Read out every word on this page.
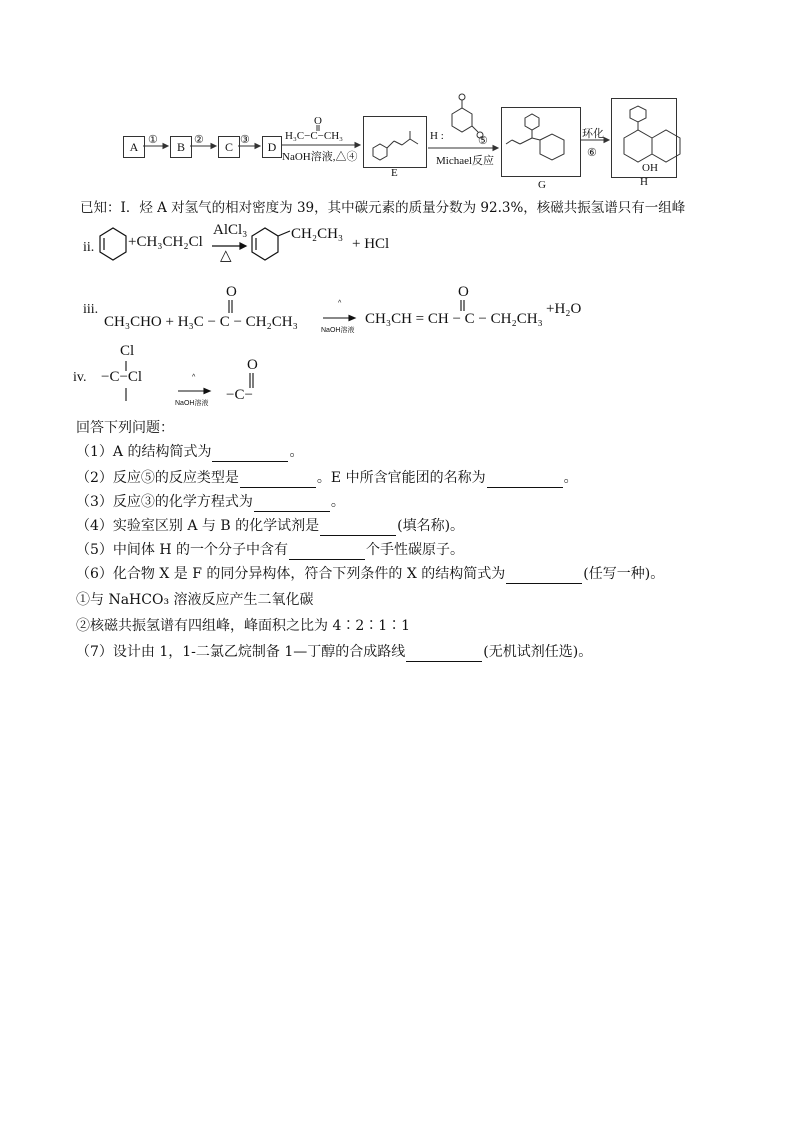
A ① B ② C ③ D
O
H₃C−C−CH₃
NaOH溶液,△④
E
H :	⑤
Michael反应
G
环化
⑥
H
OH
已知：I．烃 A 对氢气的相对密度为 39，其中碳元素的质量分数为 92.3%，核磁共振氢谱只有一组峰
ii. +CH₃CH₂Cl
AlCl₃
△
CH₂CH₃
+ HCl
iii.
O
CH₃CHO + H₃C − C − CH₂CH₃
^
NaOH溶液
O
CH₃CH = CH − C − CH₂CH₃
+H₂O
iv.
Cl
−C−Cl	^
NaOH溶液
O
−C−
回答下列问题：
（1）A 的结构简式为	。
（2）反应⑤的反应类型是	。E 中所含官能团的名称为	。
（3）反应③的化学方程式为	。
（4）实验室区别 A 与 B 的化学试剂是	(填名称)。
（5）中间体 H 的一个分子中含有	个手性碳原子。
（6）化合物 X 是 F 的同分异构体，符合下列条件的 X 的结构简式为	(任写一种)。
①与 NaHCO₃ 溶液反应产生二氧化碳
②核磁共振氢谱有四组峰，峰面积之比为 4∶2∶1∶1
（7）设计由 1，1-二氯乙烷制备 1—丁醇的合成路线	(无机试剂任选)。
